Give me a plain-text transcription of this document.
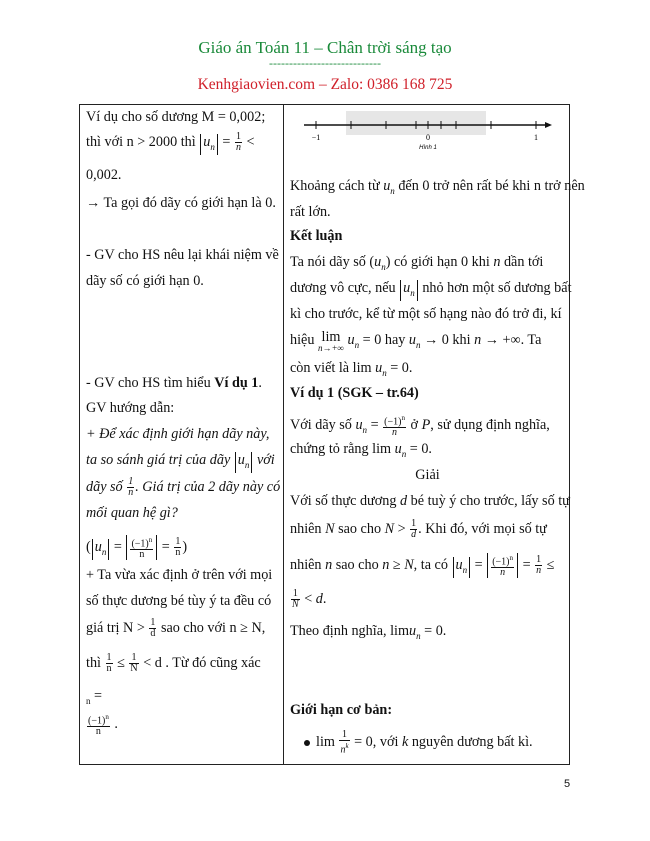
Giáo án Toán 11 – Chân trời sáng tạo
----------------------------
Kenhgiaovien.com – Zalo: 0386 168 725
Ví dụ cho số dương M = 0,002;
thì với n > 2000 thì $u_n = \frac{1}{n}$ <
0,002.
→ Ta gọi đó dãy có giới hạn là 0.
- GV cho HS nêu lại khái niệm về
dãy số có giới hạn 0.
- GV cho HS tìm hiểu Ví dụ 1.
GV hướng dẫn:
+ Để xác định giới hạn dãy này,
ta so sánh giá trị của dãy $u_n$ với
dãy số $\frac{1}{n}$ . Giá trị của 2 dãy này có
mối quan hệ gì?
( $u_n = \frac{(-1)^n}{n} = \frac{1}{n}$ )
+ Ta vừa xác định ở trên với mọi
số thực dương bé tùy ý ta đều có
giá trị $N > \frac{1}{d}$ sao cho với n ≥ N,
thì $\frac{1}{n} \le \frac{1}{N} < d$ . Từ đó cũng xác
$_n$ =
$\frac{(-1)^n}{n}$ .

−1	0	1
Hình 1
Khoảng cách từ $u_n$ đến 0 trở nên rất bé khi n trở nên
rất lớn.
Kết luận
Ta nói dãy số $(u_n)$ có giới hạn 0 khi n dần tới
dương vô cực, nếu $u_n$ nhỏ hơn một số dương bất
kì cho trước, kể từ một số hạng nào đó trở đi, kí
hiệu lim
n→+∞ $u_n = 0$ hay $u_n \to 0$ khi n → +∞. Ta
còn viết là $\lim u_n = 0$.
Ví dụ 1 (SGK – tr.64)
Với dãy số $u_n = \frac{(-1)^n}{n}$ ở P, sử dụng định nghĩa,
chứng tỏ rằng $\lim u_n = 0$.
Giải
Với số thực dương d bé tuỳ ý cho trước, lấy số tự
nhiên N sao cho $N > \frac{1}{d}$ . Khi đó, với mọi số tự
nhiên n sao cho n ≥ N, ta có $u_n = \frac{(-1)^n}{n} = \frac{1}{n}$ ≤
$\frac{1}{N} < d$.
Theo định nghĩa, limu$_n$ = 0.
Giới hạn cơ bản:
$\lim \frac{1}{n^k} = 0$, với k nguyên dương bất kì.
5
